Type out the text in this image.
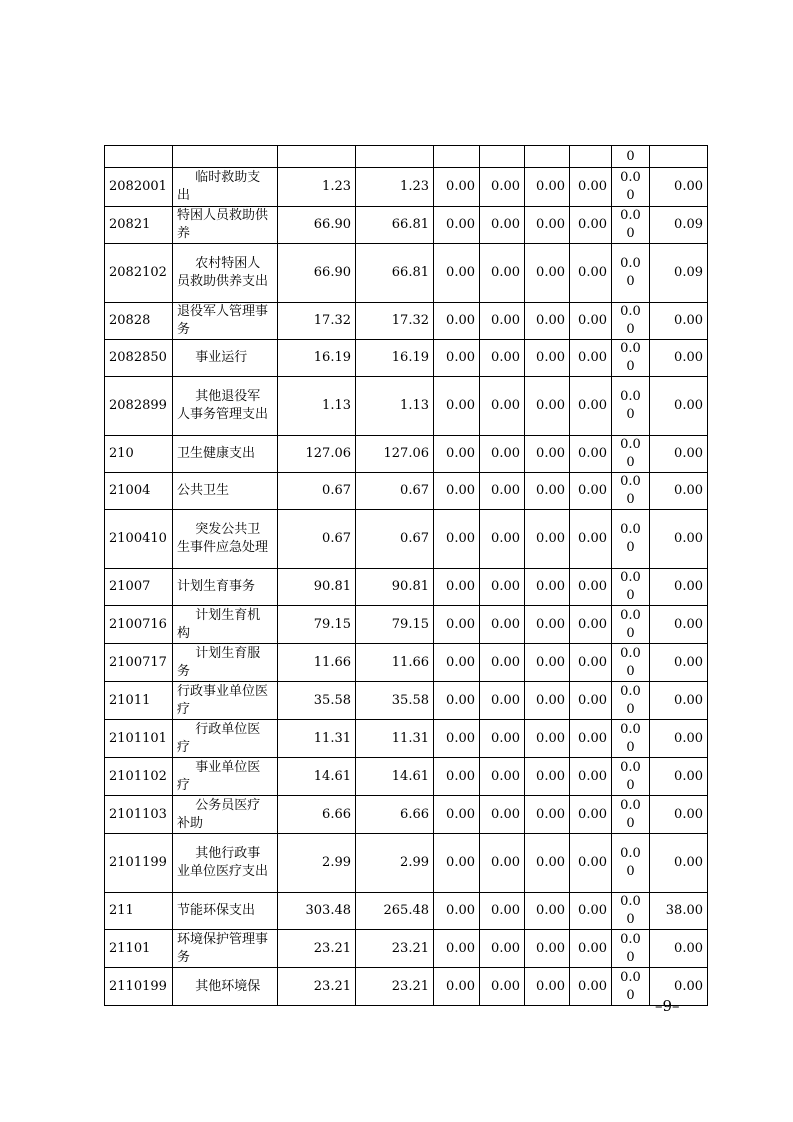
								0	
2082001	临时救助支出	1.23	1.23	0.00	0.00	0.00	0.00	0.0 0	0.00
20821	特困人员救助供养	66.90	66.81	0.00	0.00	0.00	0.00	0.0 0	0.09
2082102	农村特困人员救助供养支出	66.90	66.81	0.00	0.00	0.00	0.00	0.0 0	0.09
20828	退役军人管理事务	17.32	17.32	0.00	0.00	0.00	0.00	0.0 0	0.00
2082850	事业运行	16.19	16.19	0.00	0.00	0.00	0.00	0.0 0	0.00
2082899	其他退役军人事务管理支出	1.13	1.13	0.00	0.00	0.00	0.00	0.0 0	0.00
210	卫生健康支出	127.06	127.06	0.00	0.00	0.00	0.00	0.0 0	0.00
21004	公共卫生	0.67	0.67	0.00	0.00	0.00	0.00	0.0 0	0.00
2100410	突发公共卫生事件应急处理	0.67	0.67	0.00	0.00	0.00	0.00	0.0 0	0.00
21007	计划生育事务	90.81	90.81	0.00	0.00	0.00	0.00	0.0 0	0.00
2100716	计划生育机构	79.15	79.15	0.00	0.00	0.00	0.00	0.0 0	0.00
2100717	计划生育服务	11.66	11.66	0.00	0.00	0.00	0.00	0.0 0	0.00
21011	行政事业单位医疗	35.58	35.58	0.00	0.00	0.00	0.00	0.0 0	0.00
2101101	行政单位医疗	11.31	11.31	0.00	0.00	0.00	0.00	0.0 0	0.00
2101102	事业单位医疗	14.61	14.61	0.00	0.00	0.00	0.00	0.0 0	0.00
2101103	公务员医疗补助	6.66	6.66	0.00	0.00	0.00	0.00	0.0 0	0.00
2101199	其他行政事业单位医疗支出	2.99	2.99	0.00	0.00	0.00	0.00	0.0 0	0.00
211	节能环保支出	303.48	265.48	0.00	0.00	0.00	0.00	0.0 0	38.00
21101	环境保护管理事务	23.21	23.21	0.00	0.00	0.00	0.00	0.0 0	0.00
2110199	其他环境保	23.21	23.21	0.00	0.00	0.00	0.00	0.0 0	0.00
–9–
